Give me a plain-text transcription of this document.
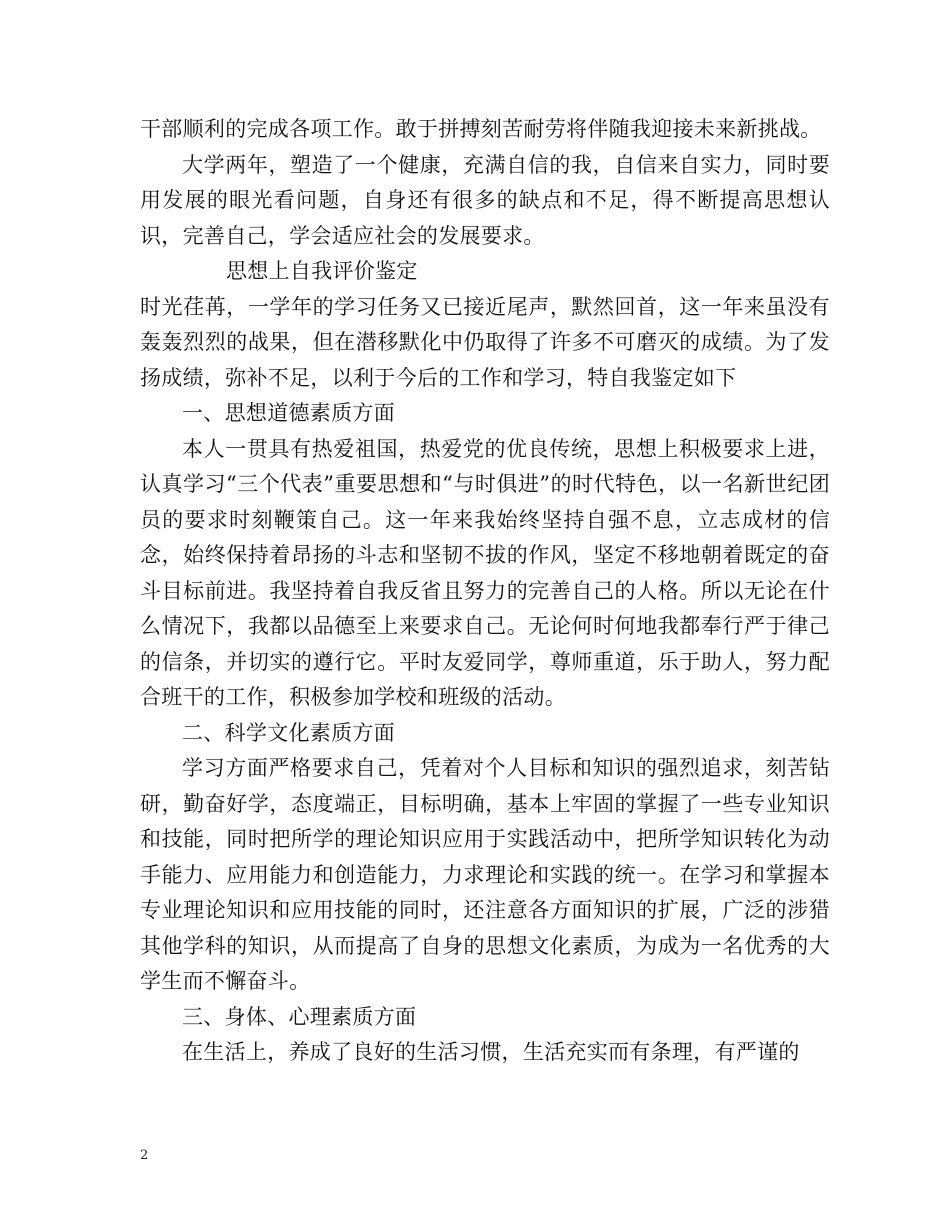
干部顺利的完成各项工作。敢于拼搏刻苦耐劳将伴随我迎接未来新挑战。

大学两年，塑造了一个健康，充满自信的我，自信来自实力，同时要用发展的眼光看问题，自身还有很多的缺点和不足，得不断提高思想认识，完善自己，学会适应社会的发展要求。

思想上自我评价鉴定

时光荏苒，一学年的学习任务又已接近尾声，默然回首，这一年来虽没有轰轰烈烈的战果，但在潜移默化中仍取得了许多不可磨灭的成绩。为了发扬成绩，弥补不足，以利于今后的工作和学习，特自我鉴定如下

一、思想道德素质方面

本人一贯具有热爱祖国，热爱党的优良传统，思想上积极要求上进，认真学习“三个代表”重要思想和“与时俱进”的时代特色，以一名新世纪团员的要求时刻鞭策自己。这一年来我始终坚持自强不息，立志成材的信念，始终保持着昂扬的斗志和坚韧不拔的作风，坚定不移地朝着既定的奋斗目标前进。我坚持着自我反省且努力的完善自己的人格。所以无论在什么情况下，我都以品德至上来要求自己。无论何时何地我都奉行严于律己的信条，并切实的遵行它。平时友爱同学，尊师重道，乐于助人，努力配合班干的工作，积极参加学校和班级的活动。

二、科学文化素质方面

学习方面严格要求自己，凭着对个人目标和知识的强烈追求，刻苦钻研，勤奋好学，态度端正，目标明确，基本上牢固的掌握了一些专业知识和技能，同时把所学的理论知识应用于实践活动中，把所学知识转化为动手能力、应用能力和创造能力，力求理论和实践的统一。在学习和掌握本专业理论知识和应用技能的同时，还注意各方面知识的扩展，广泛的涉猎其他学科的知识，从而提高了自身的思想文化素质，为成为一名优秀的大学生而不懈奋斗。

三、身体、心理素质方面

在生活上，养成了良好的生活习惯，生活充实而有条理，有严谨的

2
